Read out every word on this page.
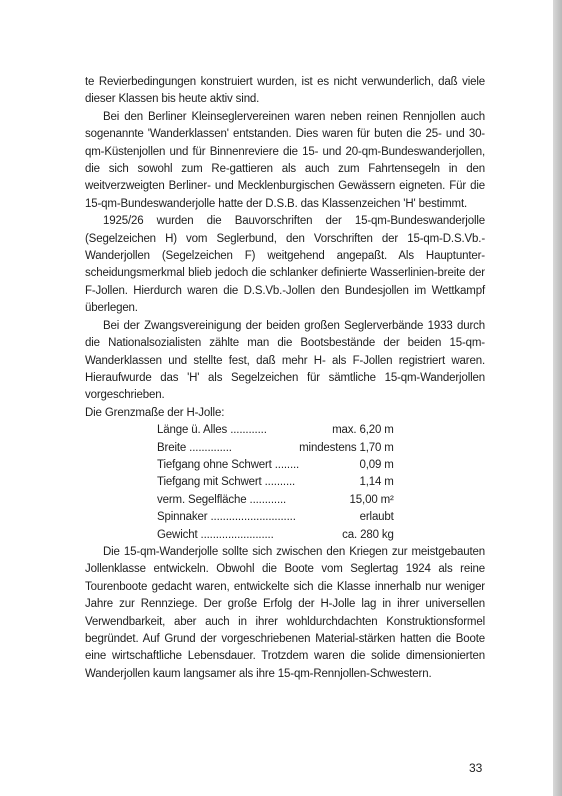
te Revierbedingungen konstruiert wurden, ist es nicht verwunderlich, daß viele dieser Klassen bis heute aktiv sind.

Bei den Berliner Kleinseglervereinen waren neben reinen Rennjollen auch sogenannte 'Wanderklassen' entstanden. Dies waren für buten die 25- und 30-qm-Küstenjollen und für Binnenreviere die 15- und 20-qm-Bundeswanderjollen, die sich sowohl zum Re-gattieren als auch zum Fahrtensegeln in den weitverzweigten Berliner- und Mecklenburgischen Gewässern eigneten. Für die 15-qm-Bundeswanderjolle hatte der D.S.B. das Klassenzeichen 'H' bestimmt.

1925/26 wurden die Bauvorschriften der 15-qm-Bundeswanderjolle (Segelzeichen H) vom Seglerbund, den Vorschriften der 15-qm-D.S.Vb.-Wanderjollen (Segelzeichen F) weitgehend angepaßt. Als Hauptunter-scheidungsmerkmal blieb jedoch die schlanker definierte Wasserlinien-breite der F-Jollen. Hierdurch waren die D.S.Vb.-Jollen den Bundesjollen im Wettkampf überlegen.

Bei der Zwangsvereinigung der beiden großen Seglerverbände 1933 durch die Nationalsozialisten zählte man die Bootsbestände der beiden 15-qm-Wanderklassen und stellte fest, daß mehr H- als F-Jollen registriert waren. Hieraufwurde das 'H' als Segelzeichen für sämtliche 15-qm-Wanderjollen vorgeschrieben.

Die Grenzmaße der H-Jolle:

Länge ü. Alles ............	max. 6,20 m
Breite ..............	mindestens 1,70 m
Tiefgang ohne Schwert ........	0,09 m
Tiefgang mit Schwert ..........	1,14 m
verm. Segelfläche ............	15,00 m²
Spinnaker ............................	erlaubt
Gewicht ........................	ca. 280 kg

Die 15-qm-Wanderjolle sollte sich zwischen den Kriegen zur meistgebauten Jollenklasse entwickeln. Obwohl die Boote vom Seglertag 1924 als reine Tourenboote gedacht waren, entwickelte sich die Klasse innerhalb nur weniger Jahre zur Rennziege. Der große Erfolg der H-Jolle lag in ihrer universellen Verwendbarkeit, aber auch in ihrer wohldurchdachten Konstruktionsformel begründet. Auf Grund der vorgeschriebenen Material-stärken hatten die Boote eine wirtschaftliche Lebensdauer. Trotzdem waren die solide dimensionierten Wanderjollen kaum langsamer als ihre 15-qm-Rennjollen-Schwestern.

33
